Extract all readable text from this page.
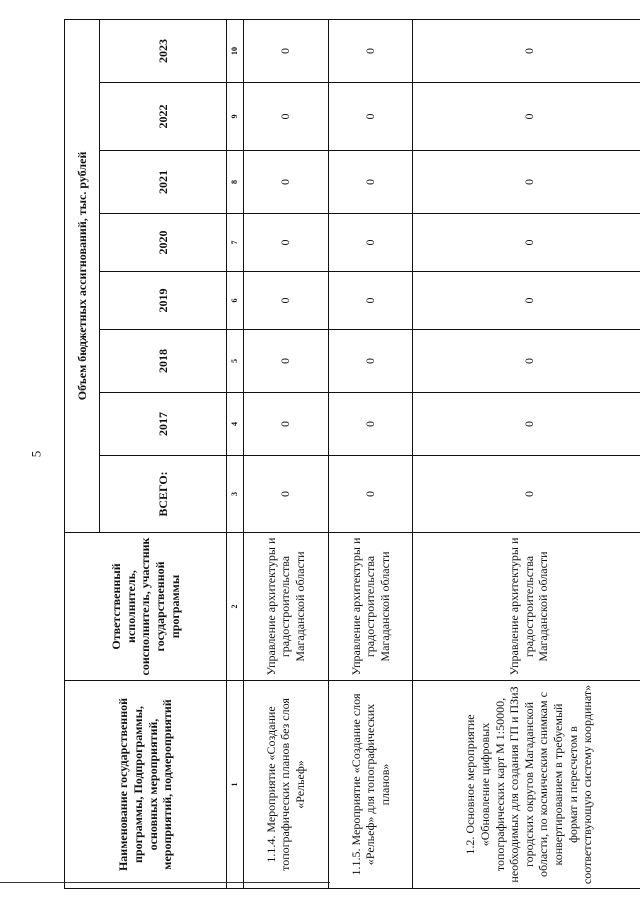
5
Наименование государственной программы, Подпрограммы, основных мероприятий, мероприятий, подмероприятий	Ответственный исполнитель, соисполнитель, участник государственной программы	Объем бюджетных ассигнований, тыс. рублей							
		ВСЕГО:	2017	2018	2019	2020	2021	2022	2023
1	2	3	4	5	6	7	8	9	10
1.1.4. Мероприятие «Создание топографических планов без слоя «Рельеф»	Управление архитектуры и градостроительства Магаданской области	0	0	0	0	0	0	0	0
1.1.5. Мероприятие «Создание слоя «Рельеф» для топографических планов»	Управление архитектуры и градостроительства Магаданской области	0	0	0	0	0	0	0	0
1.2. Основное мероприятие «Обновление цифровых топографических карт М 1:50000, необходимых для создания ГП и ПЗиЗ городских округов Магаданской области, по космическим снимкам с конвертированием в требуемый формат и пересчетом в соответствующую систему координат»	Управление архитектуры и градостроительства Магаданской области	0	0	0	0	0	0	0	0
